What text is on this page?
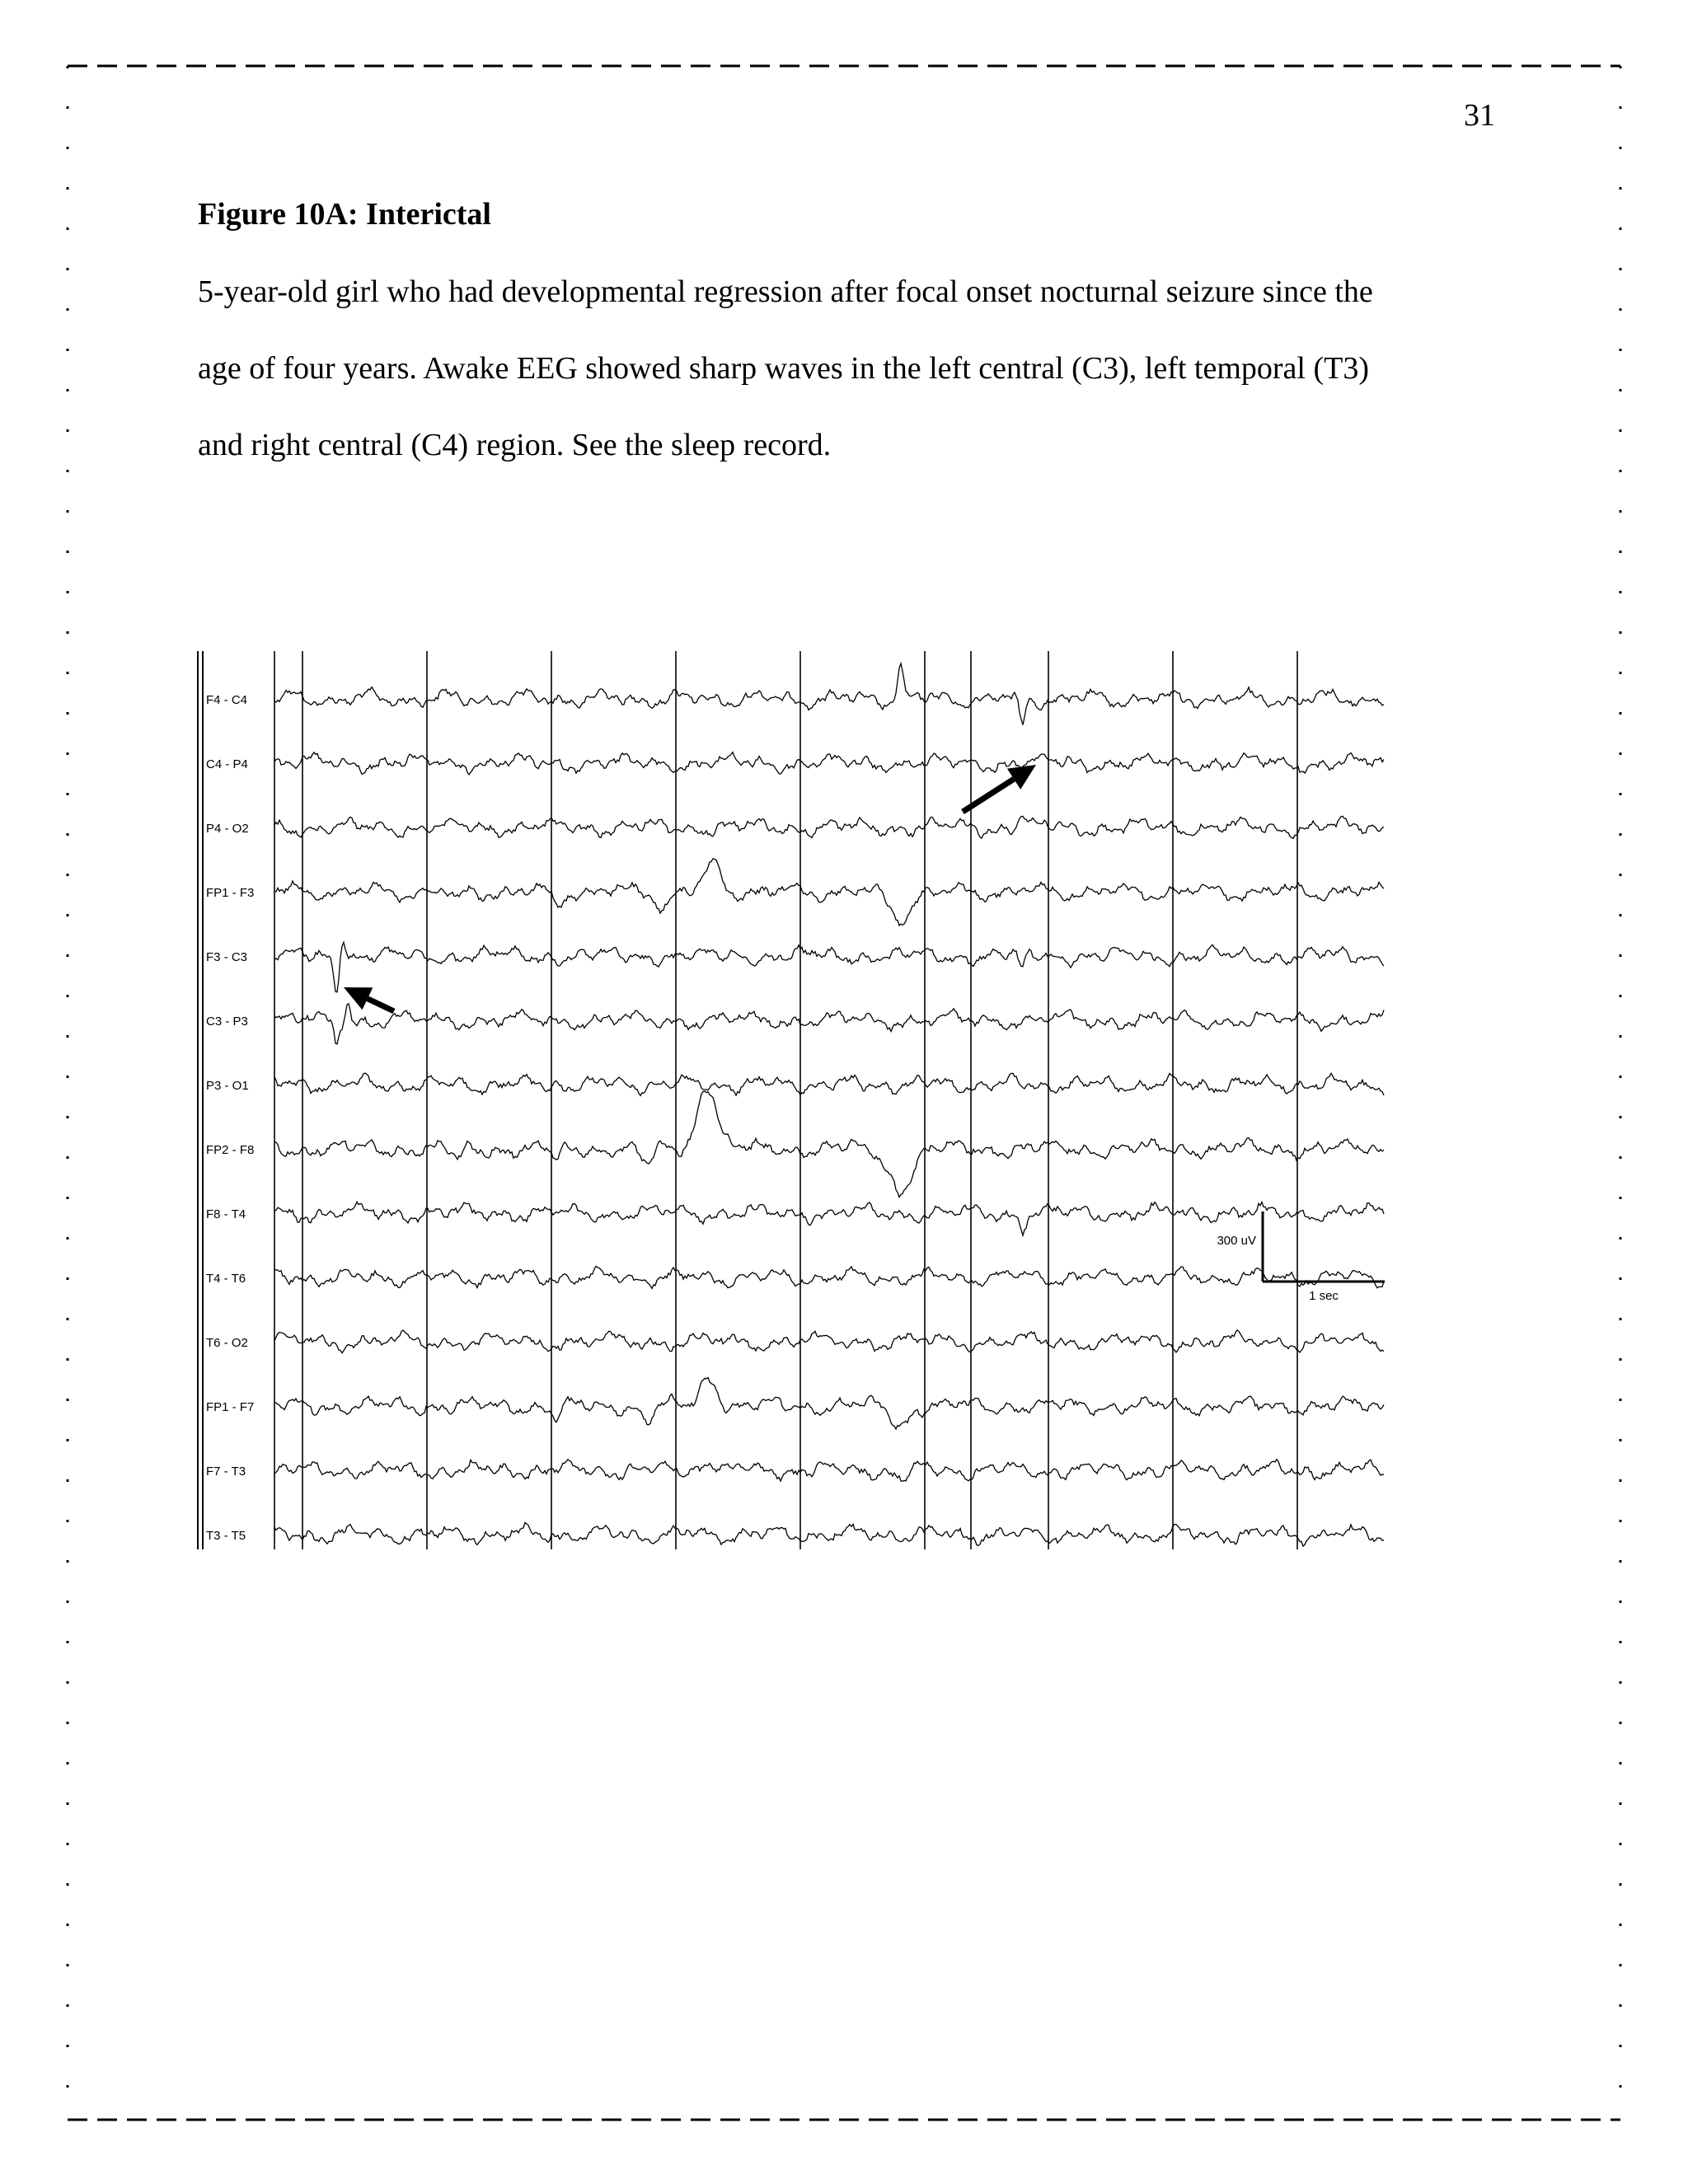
31
Figure 10A: Interictal
5-year-old girl who had developmental regression after focal onset nocturnal seizure since the
age of four years. Awake EEG showed sharp waves in the left central (C3), left temporal (T3)
and right central (C4) region. See the sleep record.
F4 - C4
C4 - P4
P4 - O2
FP1 - F3
F3 - C3
C3 - P3
P3 - O1
FP2 - F8
F8 - T4
T4 - T6
T6 - O2
FP1 - F7
F7 - T3
T3 - T5
300 uV
1 sec
